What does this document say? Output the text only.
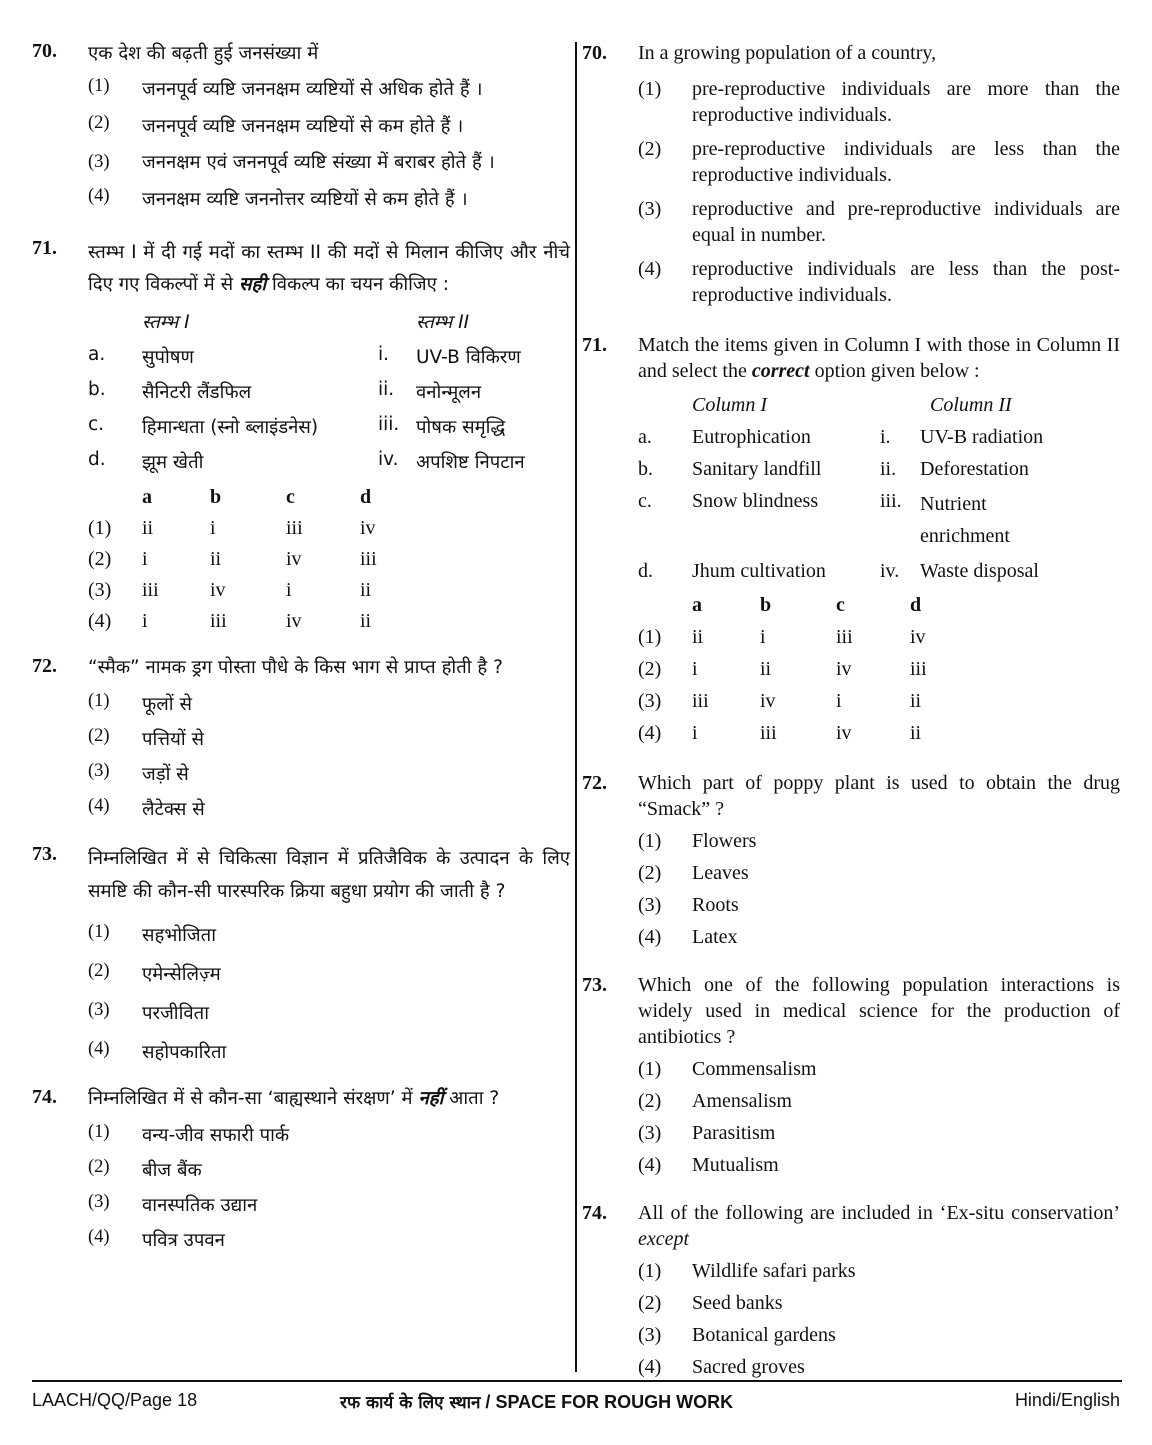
70. एक देश की बढ़ती हुई जनसंख्या में
(1)	जननपूर्व व्यष्टि जननक्षम व्यष्टियों से अधिक होते हैं ।
(2)	जननपूर्व व्यष्टि जननक्षम व्यष्टियों से कम होते हैं ।
(3)	जननक्षम एवं जननपूर्व व्यष्टि संख्या में बराबर होते हैं ।
(4)	जननक्षम व्यष्टि जननोत्तर व्यष्टियों से कम होते हैं ।
71. स्तम्भ I में दी गई मदों का स्तम्भ II की मदों से मिलान कीजिए और नीचे दिए गए विकल्पों में से सही विकल्प का चयन कीजिए :
स्तम्भ I	स्तम्भ II
a.	सुपोषण	i.	UV-B विकिरण
b.	सैनिटरी लैंडफिल	ii.	वनोन्मूलन
c.	हिमान्धता (स्नो ब्लाइंडनेस)	iii. पोषक समृद्धि
d.	झूम खेती	iv. अपशिष्ट निपटान
a	b	c	d
(1)	ii	i	iii	iv
(2)	i	ii	iv	iii
(3)	iii	iv	i	ii
(4)	i	iii	iv	ii
72. “स्मैक” नामक ड्रग पोस्ता पौधे के किस भाग से प्राप्त होती है ?
(1)	फूलों से
(2)	पत्तियों से
(3)	जड़ों से
(4)	लैटेक्स से
73. निम्नलिखित में से चिकित्सा विज्ञान में प्रतिजैविक के उत्पादन के लिए समष्टि की कौन-सी पारस्परिक क्रिया बहुधा प्रयोग की जाती है ?
(1)	सहभोजिता
(2)	एमेन्सेलिज़्म
(3)	परजीविता
(4)	सहोपकारिता
74. निम्नलिखित में से कौन-सा ‘बाह्यस्थाने संरक्षण’ में नहीं आता ?
(1)	वन्य-जीव सफारी पार्क
(2)	बीज बैंक
(3)	वानस्पतिक उद्यान
(4)	पवित्र उपवन
70. In a growing population of a country,
(1)	pre-reproductive individuals are more than the reproductive individuals.
(2)	pre-reproductive individuals are less than the reproductive individuals.
(3)	reproductive and pre-reproductive individuals are equal in number.
(4)	reproductive individuals are less than the post-reproductive individuals.
71. Match the items given in Column I with those in Column II and select the correct option given below :
Column I	Column II
a.	Eutrophication	i.	UV-B radiation
b.	Sanitary landfill	ii.	Deforestation
c.	Snow blindness	iii. Nutrient enrichment
d.	Jhum cultivation	iv.	Waste disposal
a	b	c	d
(1)	ii	i	iii	iv
(2)	i	ii	iv	iii
(3)	iii	iv	i	ii
(4)	i	iii	iv	ii
72. Which part of poppy plant is used to obtain the drug “Smack” ?
(1)	Flowers
(2)	Leaves
(3)	Roots
(4)	Latex
73. Which one of the following population interactions is widely used in medical science for the production of antibiotics ?
(1)	Commensalism
(2)	Amensalism
(3)	Parasitism
(4)	Mutualism
74. All of the following are included in ‘Ex-situ conservation’ except
(1)	Wildlife safari parks
(2)	Seed banks
(3)	Botanical gardens
(4)	Sacred groves
LAACH/QQ/Page 18	रफ कार्य के लिए स्थान / SPACE FOR ROUGH WORK	Hindi/English
